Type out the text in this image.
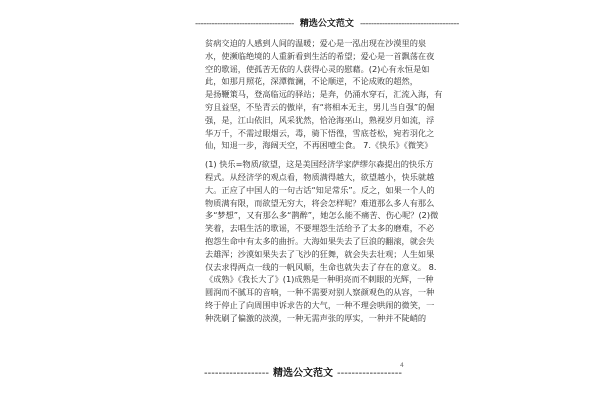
------------------------------------ 精选公文范文 ------------------------------------
贫病交迫的人感到人间的温暖；爱心是一泓出现在沙漠里的泉
水，使濒临绝境的人重新看到生活的希望；爱心是一首飘荡在夜
空的歌谣，使孤苦无依的人获得心灵的慰藉。(2)心有永恒是如
此，如那月照花，深潭微澜，不论顺逆，不论成败的超然，
是扬鞭策马，登高临远的驿站；是奔，仍涌水穿石，汇流入海，有
穷且益坚，不坠青云的傲岸，有“将相本无主，男儿当自强”的倔
强，是，江山依旧，风采犹然，恰沧海巫山，熟视岁月如流，浮
华万千，不需过眼烟云，毒，骑下悟徨，雪底苍松，宛若羽化之
仙，知退一步，海阔天空，不再困噎尘食。 7.《快乐》《微笑》
(1) 快乐=物质/欲望，这是美国经济学家萨缪尔森提出的快乐方
程式。从经济学的观点看，物质满得越大，欲望越小，快乐就越
大。正应了中国人的一句古话“知足常乐”。反之，如果一个人的
物质满有限，而欲望无穷大，将会怎样呢？难道那么多人有那么
多“梦想”，又有那么多“鹊醉”，她怎么能不痛苦、伤心呢？(2)微
笑着，去唱生活的歌谣，不要埋怨生活给予了太多的磨难，不必
抱怨生命中有太多的曲折。大海如果失去了巨浪的翻滚，就会失
去雄浑；沙漠如果失去了飞沙的狂舞，就会失去壮观；人生如果
仅去求得两点一线的一帆风顺，生命也就失去了存在的意义。 8.
《成熟》《我长大了》(1)成熟是一种明亮而不刺眼的光辉，一种
圆润而不腻耳的音响，一种不需要对别人察颜观色的从容，一种
终于停止了向周围申诉求告的大气，一种不理会哄闹的微笑，一
种洗刷了偏激的淡漠，一种无需声张的厚实，一种并不陡峭的
4
------------------ 精选公文范文 ------------------
